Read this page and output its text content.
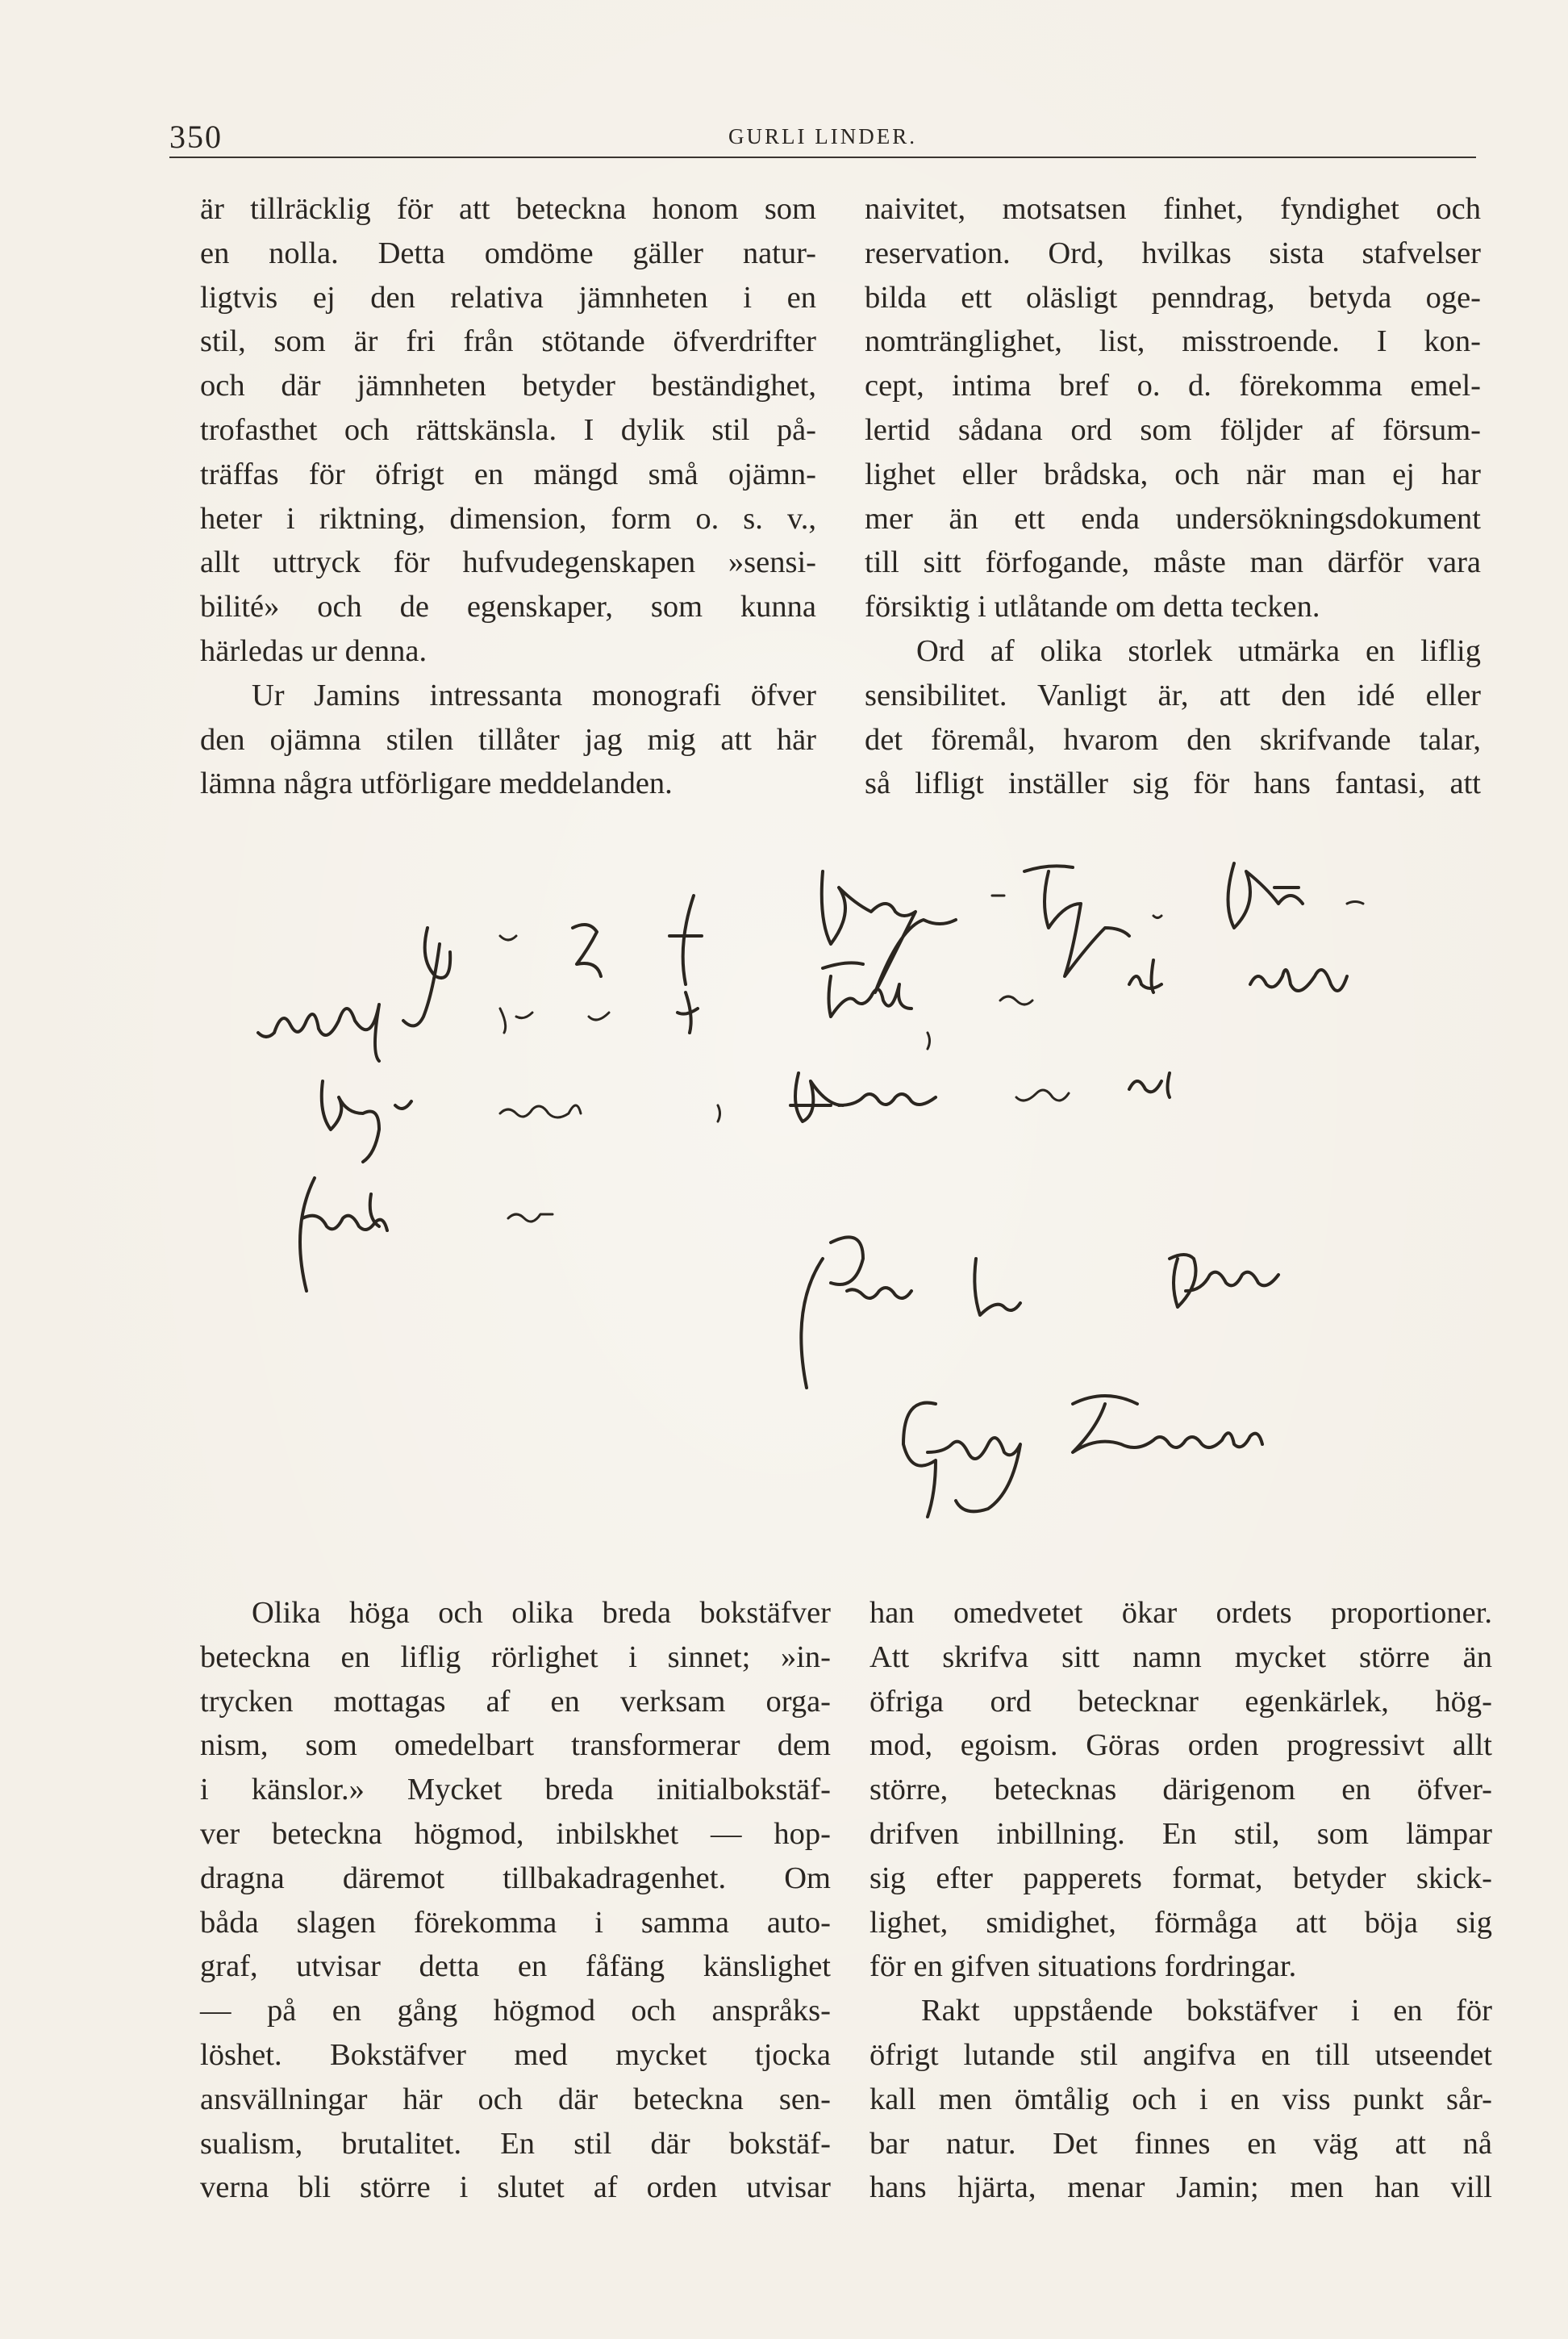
350	GURLI LINDER.
är tillräcklig för att beteckna honom som
en nolla. Detta omdöme gäller natur-
ligtvis ej den relativa jämnheten i en
stil, som är fri från stötande öfverdrifter
och där jämnheten betyder beständighet,
trofasthet och rättskänsla. I dylik stil på-
träffas för öfrigt en mängd små ojämn-
heter i riktning, dimension, form o. s. v.,
allt uttryck för hufvudegenskapen »sensi-
bilité» och de egenskaper, som kunna
härledas ur denna.
Ur Jamins intressanta monografi öfver
den ojämna stilen tillåter jag mig att här
lämna några utförligare meddelanden.
naivitet, motsatsen finhet, fyndighet och
reservation. Ord, hvilkas sista stafvelser
bilda ett oläsligt penndrag, betyda oge-
nomtränglighet, list, misstroende. I kon-
cept, intima bref o. d. förekomma emel-
lertid sådana ord som följder af försum-
lighet eller brådska, och när man ej har
mer än ett enda undersökningsdokument
till sitt förfogande, måste man därför vara
försiktig i utlåtande om detta tecken.
Ord af olika storlek utmärka en liflig
sensibilitet. Vanligt är, att den idé eller
det föremål, hvarom den skrifvande talar,
så lifligt inställer sig för hans fantasi, att
Olika höga och olika breda bokstäfver
beteckna en liflig rörlighet i sinnet; »in-
trycken mottagas af en verksam orga-
nism, som omedelbart transformerar dem
i känslor.» Mycket breda initialbokstäf-
ver beteckna högmod, inbilskhet — hop-
dragna däremot tillbakadragenhet. Om
båda slagen förekomma i samma auto-
graf, utvisar detta en fåfäng känslighet
— på en gång högmod och anspråks-
löshet. Bokstäfver med mycket tjocka
ansvällningar här och där beteckna sen-
sualism, brutalitet. En stil där bokstäf-
verna bli större i slutet af orden utvisar
han omedvetet ökar ordets proportioner.
Att skrifva sitt namn mycket större än
öfriga ord betecknar egenkärlek, hög-
mod, egoism. Göras orden progressivt allt
större, betecknas därigenom en öfver-
drifven inbillning. En stil, som lämpar
sig efter papperets format, betyder skick-
lighet, smidighet, förmåga att böja sig
för en gifven situations fordringar.
Rakt uppstående bokstäfver i en för
öfrigt lutande stil angifva en till utseendet
kall men ömtålig och i en viss punkt sår-
bar natur. Det finnes en väg att nå
hans hjärta, menar Jamin; men han vill
